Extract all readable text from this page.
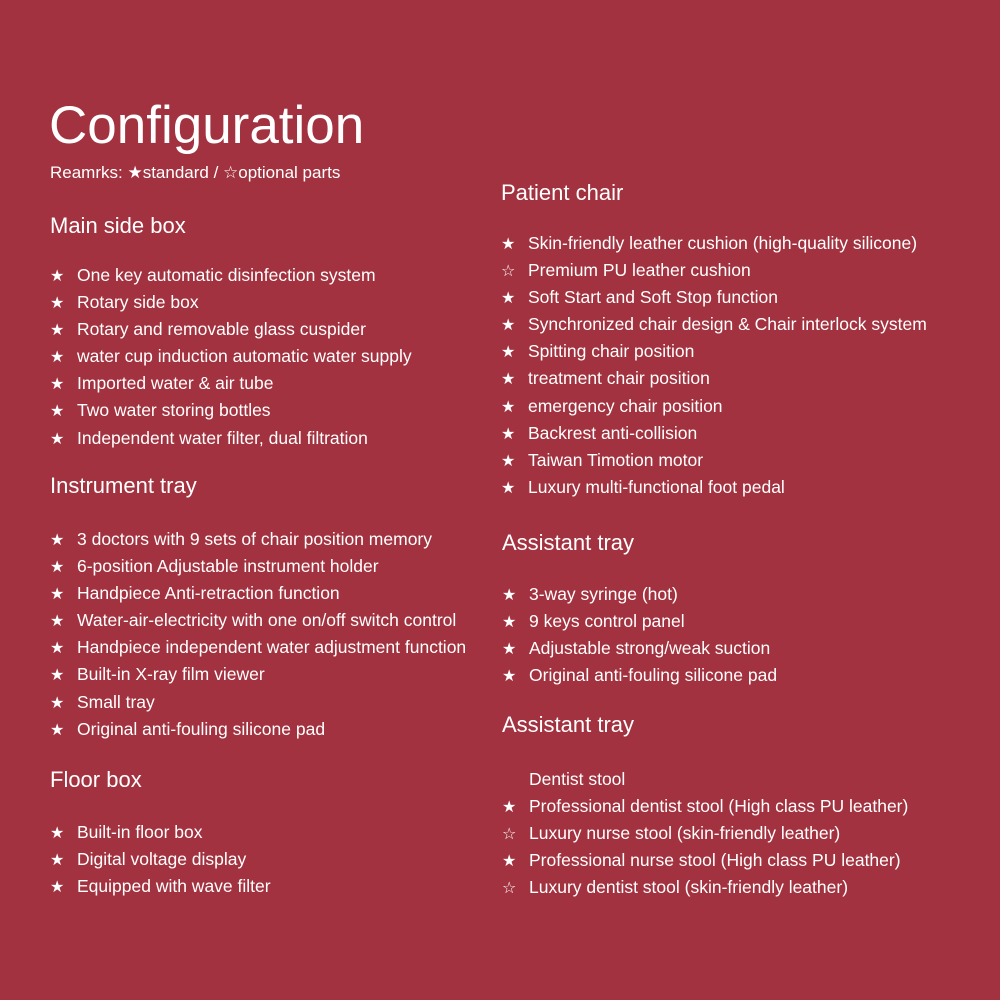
Configuration
Reamrks: ★standard / ☆optional parts
Main side box
★ One key automatic disinfection system
★ Rotary side box
★ Rotary and removable glass cuspider
★ water cup induction automatic water supply
★ Imported water & air tube
★ Two water storing bottles
★ Independent water filter, dual filtration
Instrument tray
★ 3 doctors with 9 sets of chair position memory
★ 6-position Adjustable instrument holder
★ Handpiece Anti-retraction function
★ Water-air-electricity with one on/off switch control
★ Handpiece independent water adjustment function
★ Built-in X-ray film viewer
★ Small tray
★ Original anti-fouling silicone pad
Floor box
★ Built-in floor box
★ Digital voltage display
★ Equipped with wave filter
Patient chair
★ Skin-friendly leather cushion (high-quality silicone)
☆ Premium PU leather cushion
★ Soft Start and Soft Stop function
★ Synchronized chair design & Chair interlock system
★ Spitting chair position
★ treatment chair position
★ emergency chair position
★ Backrest anti-collision
★ Taiwan Timotion motor
★ Luxury multi-functional foot pedal
Assistant tray
★ 3-way syringe (hot)
★ 9 keys control panel
★ Adjustable strong/weak suction
★ Original anti-fouling silicone pad
Assistant tray
Dentist stool
★ Professional dentist stool (High class PU leather)
☆ Luxury nurse stool (skin-friendly leather)
★ Professional nurse stool (High class PU leather)
☆ Luxury dentist stool (skin-friendly leather)
